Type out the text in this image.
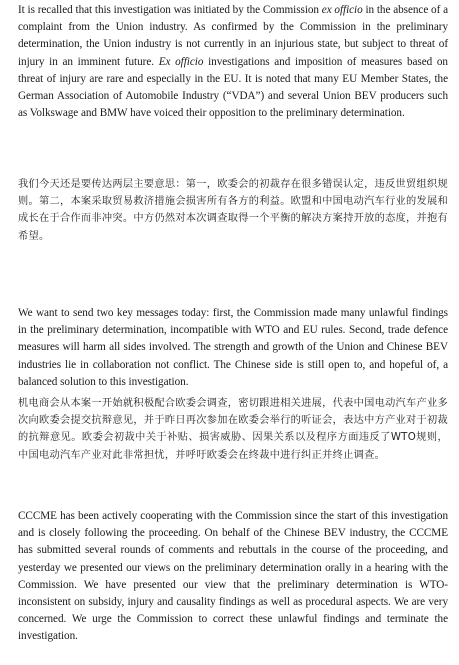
It is recalled that this investigation was initiated by the Commission ex officio in the absence of a complaint from the Union industry. As confirmed by the Commission in the preliminary determination, the Union industry is not currently in an injurious state, but subject to threat of injury in an imminent future. Ex officio investigations and imposition of measures based on threat of injury are rare and especially in the EU. It is noted that many EU Member States, the German Association of Automobile Industry (“VDA”) and several Union BEV producers such as Volkswage and BMW have voiced their opposition to the preliminary determination.

我们今天还是要传达两层主要意思：第一，欧委会的初裁存在很多错误认定，违反世贸组织规则。第二，本案采取贸易救济措施会损害所有各方的利益。欧盟和中国电动汽车行业的发展和成长在于合作而非冲突。中方仍然对本次调查取得一个平衡的解决方案持开放的态度，并抱有希望。

We want to send two key messages today: first, the Commission made many unlawful findings in the preliminary determination, incompatible with WTO and EU rules. Second, trade defence measures will harm all sides involved. The strength and growth of the Union and Chinese BEV industries lie in collaboration not conflict. The Chinese side is still open to, and hopeful of, a balanced solution to this investigation.

机电商会从本案一开始就积极配合欧委会调查，密切跟进相关进展，代表中国电动汽车产业多次向欧委会提交抗辩意见，并于昨日再次参加在欧委会举行的听证会，表达中方产业对于初裁的抗辩意见。欧委会初裁中关于补贴、损害威胁、因果关系以及程序方面违反了WTO规则，中国电动汽车产业对此非常担忧，并呼吁欧委会在终裁中进行纠正并终止调查。

CCCME has been actively cooperating with the Commission since the start of this investigation and is closely following the proceeding. On behalf of the Chinese BEV industry, the CCCME has submitted several rounds of comments and rebuttals in the course of the proceeding, and yesterday we presented our views on the preliminary determination orally in a hearing with the Commission. We have presented our view that the preliminary determination is WTO-inconsistent on subsidy, injury and causality findings as well as procedural aspects. We are very concerned. We urge the Commission to correct these unlawful findings and terminate the investigation.
